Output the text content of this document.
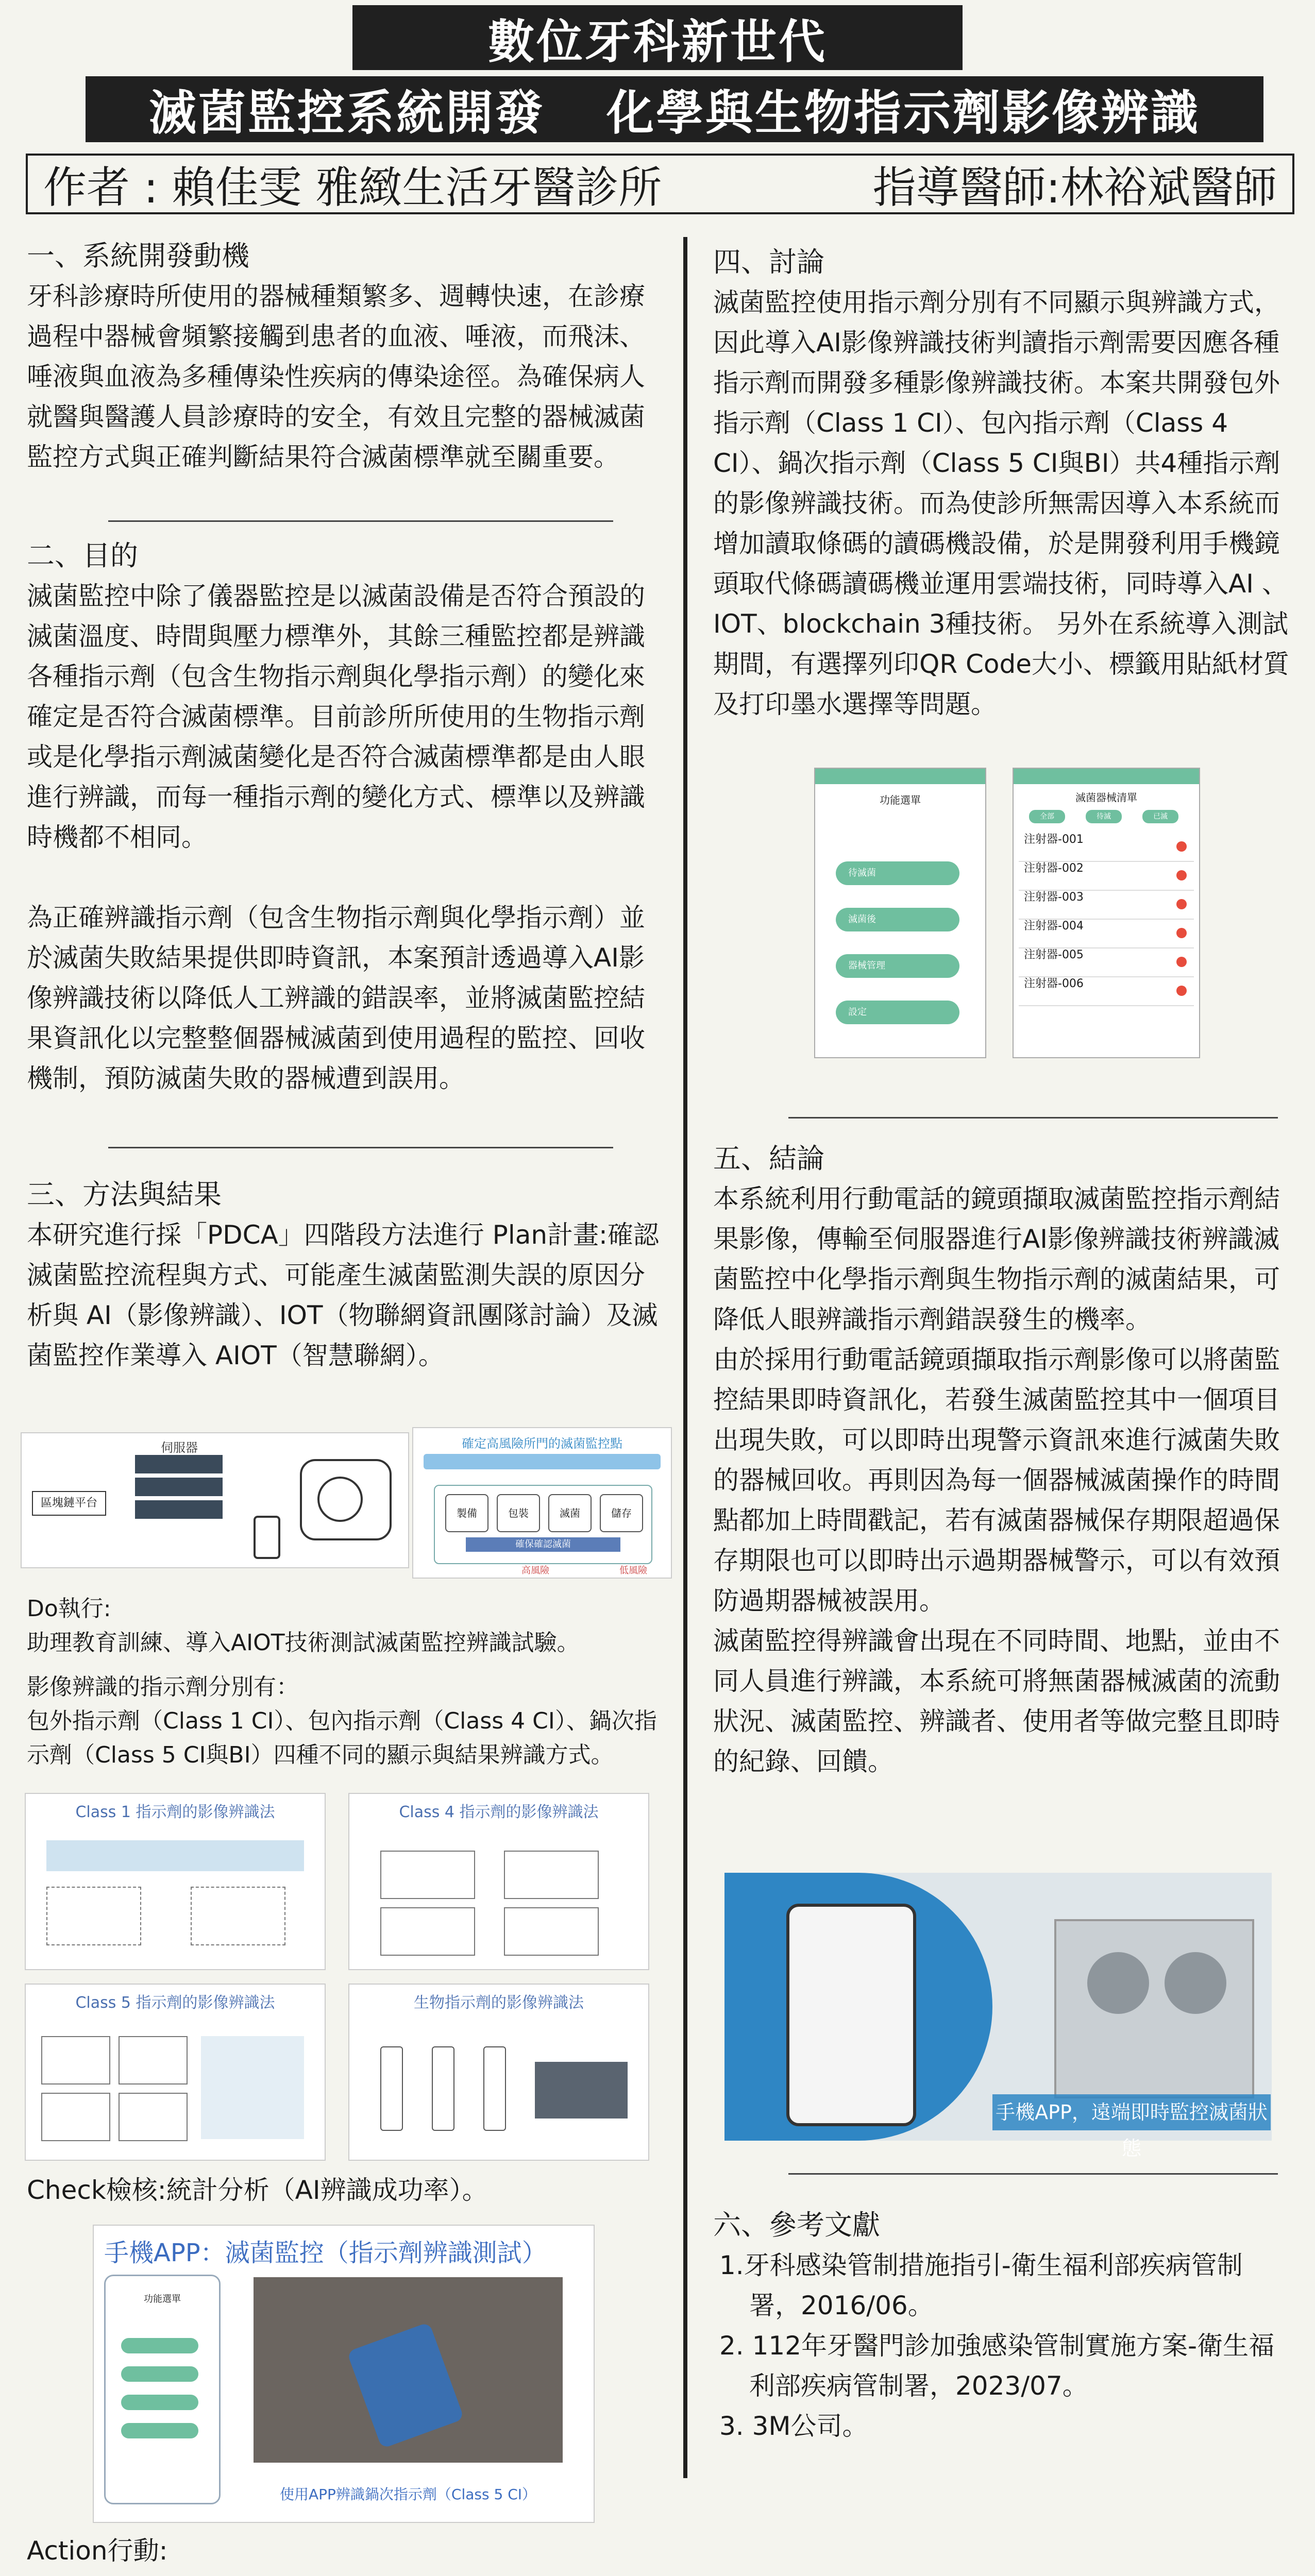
數位牙科新世代
滅菌監控系統開發 化學與生物指示劑影像辨識
作者 : 賴佳雯 雅緻生活牙醫診所	指導醫師:林裕斌醫師

一、系統開發動機

牙科診療時所使用的器械種類繁多、週轉快速，在診療過程中器械會頻繁接觸到患者的血液、唾液，而飛沫、唾液與血液為多種傳染性疾病的傳染途徑。為確保病人就醫與醫護人員診療時的安全，有效且完整的器械滅菌監控方式與正確判斷結果符合滅菌標準就至關重要。

二、目的

滅菌監控中除了儀器監控是以滅菌設備是否符合預設的滅菌溫度、時間與壓力標準外，其餘三種監控都是辨識各種指示劑（包含生物指示劑與化學指示劑）的變化來確定是否符合滅菌標準。目前診所所使用的生物指示劑或是化學指示劑滅菌變化是否符合滅菌標準都是由人眼進行辨識，而每一種指示劑的變化方式、標準以及辨識時機都不相同。

為正確辨識指示劑（包含生物指示劑與化學指示劑）並於滅菌失敗結果提供即時資訊，本案預計透過導入AI影像辨識技術以降低人工辨識的錯誤率，並將滅菌監控結果資訊化以完整整個器械滅菌到使用過程的監控、回收機制，預防滅菌失敗的器械遭到誤用。

三、方法與結果

本研究進行採「PDCA」四階段方法進行 Plan計畫:確認滅菌監控流程與方式、可能產生滅菌監測失誤的原因分析與 AI（影像辨識）、IOT（物聯網資訊團隊討論）及滅菌監控作業導入 AIOT（智慧聯網）。

伺服器
區塊鏈平台
確定高風險所門的滅菌監控點
製備	包裝	滅菌	儲存
確保確認滅菌
高風險	低風險

Do執行:

助理教育訓練、導入AIOT技術測試滅菌監控辨識試驗。

影像辨識的指示劑分別有：

包外指示劑（Class 1 CI）、包內指示劑（Class 4 CI）、鍋次指示劑（Class 5 CI與BI）四種不同的顯示與結果辨識方式。

Class 1 指示劑的影像辨識法	Class 4 指示劑的影像辨識法
Class 5 指示劑的影像辨識法	生物指示劑的影像辨識法
Check檢核:統計分析（AI辨識成功率）。
手機APP：滅菌監控（指示劑辨識測試）
功能選單
使用APP辨識鍋次指示劑（Class 5 CI）

Action行動:

四、討論

滅菌監控使用指示劑分別有不同顯示與辨識方式，因此導入AI影像辨識技術判讀指示劑需要因應各種指示劑而開發多種影像辨識技術。本案共開發包外指示劑（Class 1 CI）、包內指示劑（Class 4 CI）、鍋次指示劑（Class 5 CI與BI）共4種指示劑的影像辨識技術。而為使診所無需因導入本系統而增加讀取條碼的讀碼機設備，於是開發利用手機鏡頭取代條碼讀碼機並運用雲端技術，同時導入AI 、IOT、blockchain 3種技術。 另外在系統導入測試期間，有選擇列印QR Code大小、標籤用貼紙材質及打印墨水選擇等問題。

功能選單
待滅菌
滅菌後
器械管理
設定
滅菌器械清單
全部	待滅	已滅
注射器-001
注射器-002
注射器-003
注射器-004
注射器-005
注射器-006

五、結論

本系統利用行動電話的鏡頭擷取滅菌監控指示劑結果影像，傳輸至伺服器進行AI影像辨識技術辨識滅菌監控中化學指示劑與生物指示劑的滅菌結果，可降低人眼辨識指示劑錯誤發生的機率。

由於採用行動電話鏡頭擷取指示劑影像可以將菌監控結果即時資訊化，若發生滅菌監控其中一個項目出現失敗，可以即時出現警示資訊來進行滅菌失敗的器械回收。再則因為每一個器械滅菌操作的時間點都加上時間戳記，若有滅菌器械保存期限超過保存期限也可以即時出示過期器械警示，可以有效預防過期器械被誤用。

滅菌監控得辨識會出現在不同時間、地點，並由不同人員進行辨識，本系統可將無菌器械滅菌的流動狀況、滅菌監控、辨識者、使用者等做完整且即時的紀錄、回饋。

手機APP，遠端即時監控滅菌狀態

六、參考文獻

1.牙科感染管制措施指引-衛生福利部疾病管制署，2016/06。

2. 112年牙醫門診加強感染管制實施方案-衛生福利部疾病管制署，2023/07。

3. 3M公司。
